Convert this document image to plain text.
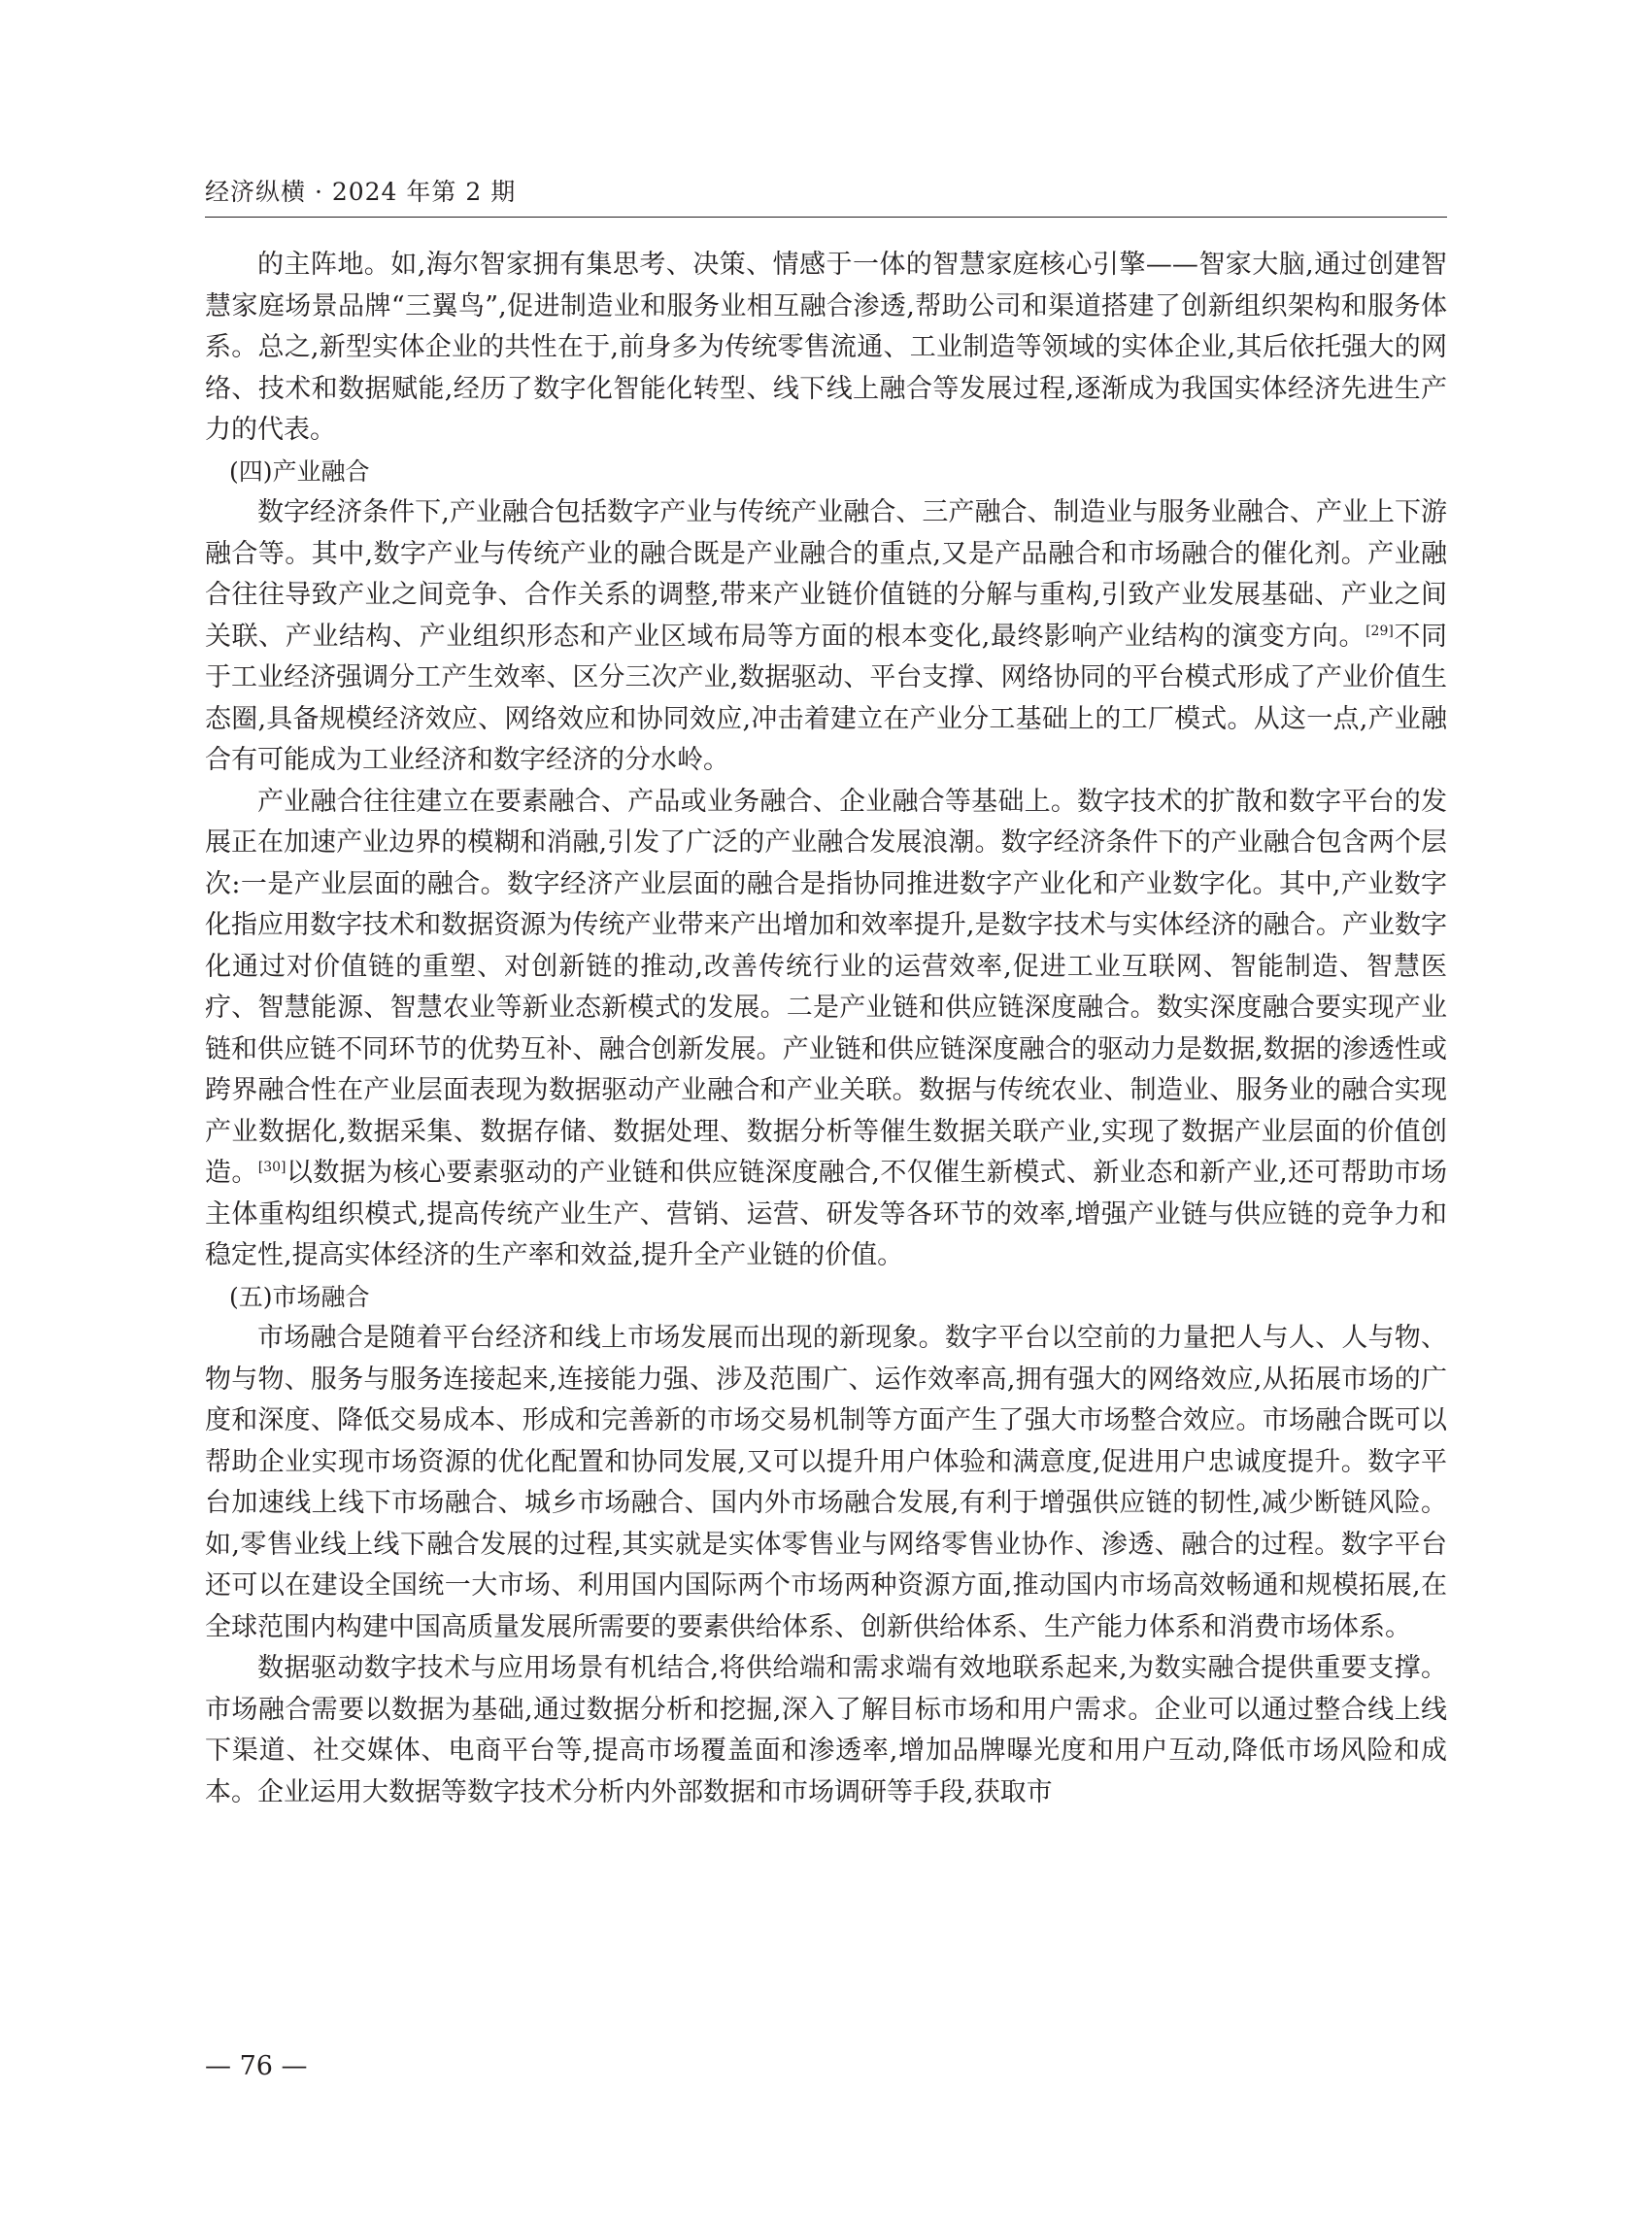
经济纵横 · 2024 年第 2 期

的主阵地。如,海尔智家拥有集思考、决策、情感于一体的智慧家庭核心引擎——智家大脑,通过创建智慧家庭场景品牌“三翼鸟”,促进制造业和服务业相互融合渗透,帮助公司和渠道搭建了创新组织架构和服务体系。总之,新型实体企业的共性在于,前身多为传统零售流通、工业制造等领域的实体企业,其后依托强大的网络、技术和数据赋能,经历了数字化智能化转型、线下线上融合等发展过程,逐渐成为我国实体经济先进生产力的代表。

(四)产业融合

数字经济条件下,产业融合包括数字产业与传统产业融合、三产融合、制造业与服务业融合、产业上下游融合等。其中,数字产业与传统产业的融合既是产业融合的重点,又是产品融合和市场融合的催化剂。产业融合往往导致产业之间竞争、合作关系的调整,带来产业链价值链的分解与重构,引致产业发展基础、产业之间关联、产业结构、产业组织形态和产业区域布局等方面的根本变化,最终影响产业结构的演变方向。[29]不同于工业经济强调分工产生效率、区分三次产业,数据驱动、平台支撑、网络协同的平台模式形成了产业价值生态圈,具备规模经济效应、网络效应和协同效应,冲击着建立在产业分工基础上的工厂模式。从这一点,产业融合有可能成为工业经济和数字经济的分水岭。

产业融合往往建立在要素融合、产品或业务融合、企业融合等基础上。数字技术的扩散和数字平台的发展正在加速产业边界的模糊和消融,引发了广泛的产业融合发展浪潮。数字经济条件下的产业融合包含两个层次:一是产业层面的融合。数字经济产业层面的融合是指协同推进数字产业化和产业数字化。其中,产业数字化指应用数字技术和数据资源为传统产业带来产出增加和效率提升,是数字技术与实体经济的融合。产业数字化通过对价值链的重塑、对创新链的推动,改善传统行业的运营效率,促进工业互联网、智能制造、智慧医疗、智慧能源、智慧农业等新业态新模式的发展。二是产业链和供应链深度融合。数实深度融合要实现产业链和供应链不同环节的优势互补、融合创新发展。产业链和供应链深度融合的驱动力是数据,数据的渗透性或跨界融合性在产业层面表现为数据驱动产业融合和产业关联。数据与传统农业、制造业、服务业的融合实现产业数据化,数据采集、数据存储、数据处理、数据分析等催生数据关联产业,实现了数据产业层面的价值创造。[30]以数据为核心要素驱动的产业链和供应链深度融合,不仅催生新模式、新业态和新产业,还可帮助市场主体重构组织模式,提高传统产业生产、营销、运营、研发等各环节的效率,增强产业链与供应链的竞争力和稳定性,提高实体经济的生产率和效益,提升全产业链的价值。

(五)市场融合

市场融合是随着平台经济和线上市场发展而出现的新现象。数字平台以空前的力量把人与人、人与物、物与物、服务与服务连接起来,连接能力强、涉及范围广、运作效率高,拥有强大的网络效应,从拓展市场的广度和深度、降低交易成本、形成和完善新的市场交易机制等方面产生了强大市场整合效应。市场融合既可以帮助企业实现市场资源的优化配置和协同发展,又可以提升用户体验和满意度,促进用户忠诚度提升。数字平台加速线上线下市场融合、城乡市场融合、国内外市场融合发展,有利于增强供应链的韧性,减少断链风险。如,零售业线上线下融合发展的过程,其实就是实体零售业与网络零售业协作、渗透、融合的过程。数字平台还可以在建设全国统一大市场、利用国内国际两个市场两种资源方面,推动国内市场高效畅通和规模拓展,在全球范围内构建中国高质量发展所需要的要素供给体系、创新供给体系、生产能力体系和消费市场体系。

数据驱动数字技术与应用场景有机结合,将供给端和需求端有效地联系起来,为数实融合提供重要支撑。市场融合需要以数据为基础,通过数据分析和挖掘,深入了解目标市场和用户需求。企业可以通过整合线上线下渠道、社交媒体、电商平台等,提高市场覆盖面和渗透率,增加品牌曝光度和用户互动,降低市场风险和成本。企业运用大数据等数字技术分析内外部数据和市场调研等手段,获取市

— 76 —
